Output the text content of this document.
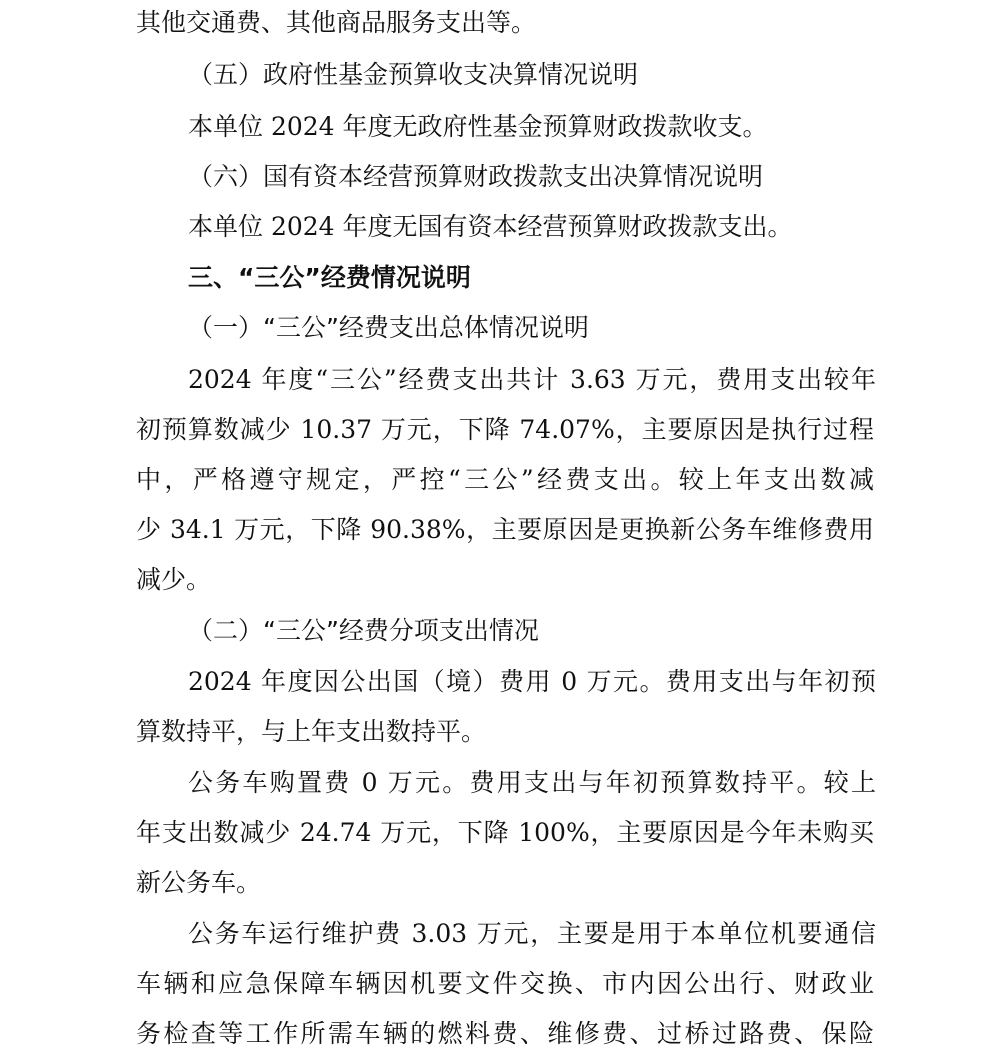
其他交通费、其他商品服务支出等。
（五）政府性基金预算收支决算情况说明
本单位 2024 年度无政府性基金预算财政拨款收支。
（六）国有资本经营预算财政拨款支出决算情况说明
本单位 2024 年度无国有资本经营预算财政拨款支出。
三、“三公”经费情况说明
（一）“三公”经费支出总体情况说明
2024 年度“三公”经费支出共计 3.63 万元，费用支出较年
初预算数减少 10.37 万元，下降 74.07%，主要原因是执行过程
中，严格遵守规定，严控“三公”经费支出。较上年支出数减
少 34.1 万元，下降 90.38%，主要原因是更换新公务车维修费用
减少。
（二）“三公”经费分项支出情况
2024 年度因公出国（境）费用 0 万元。费用支出与年初预
算数持平，与上年支出数持平。
公务车购置费 0 万元。费用支出与年初预算数持平。较上
年支出数减少 24.74 万元，下降 100%，主要原因是今年未购买
新公务车。
公务车运行维护费 3.03 万元，主要是用于本单位机要通信
车辆和应急保障车辆因机要文件交换、市内因公出行、财政业
务检查等工作所需车辆的燃料费、维修费、过桥过路费、保险
